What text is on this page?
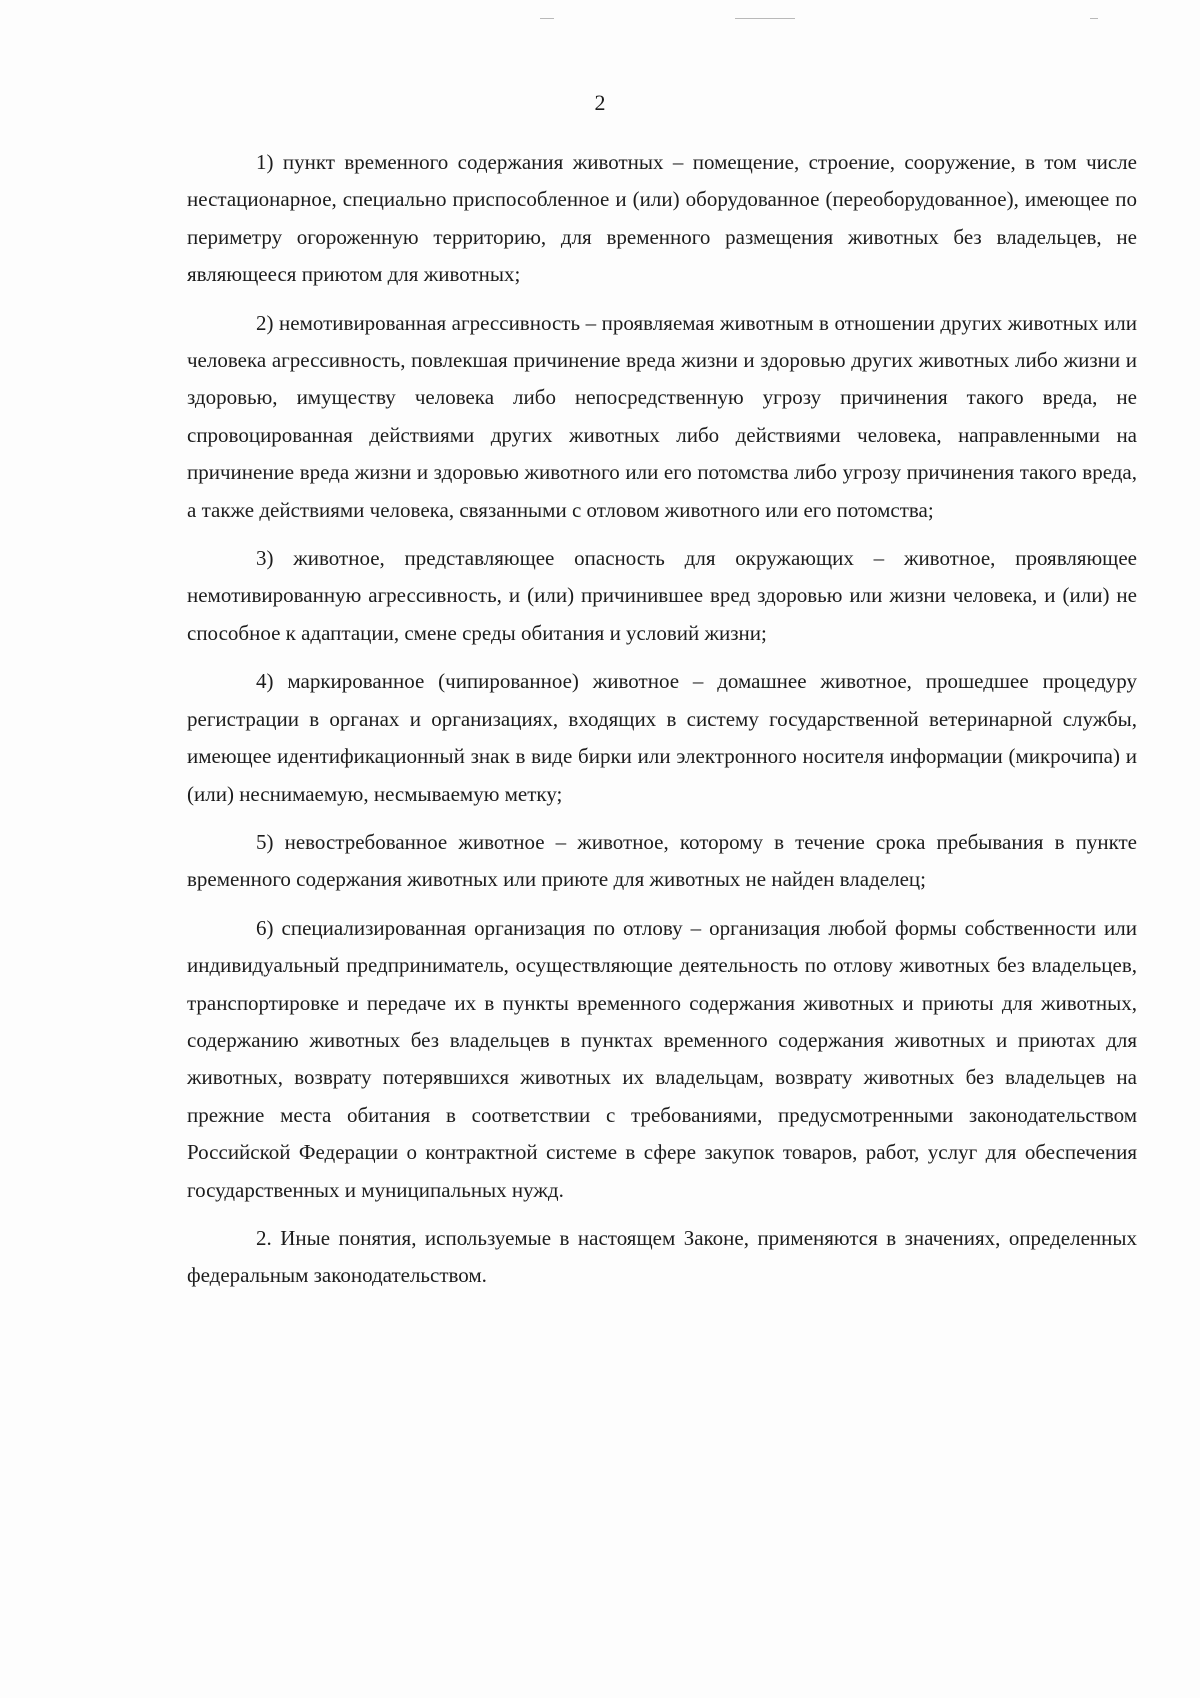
2

1) пункт временного содержания животных – помещение, строение, сооружение, в том числе нестационарное, специально приспособленное и (или) оборудованное (переоборудованное), имеющее по периметру огороженную территорию, для временного размещения животных без владельцев, не являющееся приютом для животных;

2) немотивированная агрессивность – проявляемая животным в отношении других животных или человека агрессивность, повлекшая причинение вреда жизни и здоровью других животных либо жизни и здоровью, имуществу человека либо непосредственную угрозу причинения такого вреда, не спровоцированная действиями других животных либо действиями человека, направленными на причинение вреда жизни и здоровью животного или его потомства либо угрозу причинения такого вреда, а также действиями человека, связанными с отловом животного или его потомства;

3) животное, представляющее опасность для окружающих – животное, проявляющее немотивированную агрессивность, и (или) причинившее вред здоровью или жизни человека, и (или) не способное к адаптации, смене среды обитания и условий жизни;

4) маркированное (чипированное) животное – домашнее животное, прошедшее процедуру регистрации в органах и организациях, входящих в систему государственной ветеринарной службы, имеющее идентификационный знак в виде бирки или электронного носителя информации (микрочипа) и (или) неснимаемую, несмываемую метку;

5) невостребованное животное – животное, которому в течение срока пребывания в пункте временного содержания животных или приюте для животных не найден владелец;

6) специализированная организация по отлову – организация любой формы собственности или индивидуальный предприниматель, осуществляющие деятельность по отлову животных без владельцев, транспортировке и передаче их в пункты временного содержания животных и приюты для животных, содержанию животных без владельцев в пунктах временного содержания животных и приютах для животных, возврату потерявшихся животных их владельцам, возврату животных без владельцев на прежние места обитания в соответствии с требованиями, предусмотренными законодательством Российской Федерации о контрактной системе в сфере закупок товаров, работ, услуг для обеспечения государственных и муниципальных нужд.

2. Иные понятия, используемые в настоящем Законе, применяются в значениях, определенных федеральным законодательством.
